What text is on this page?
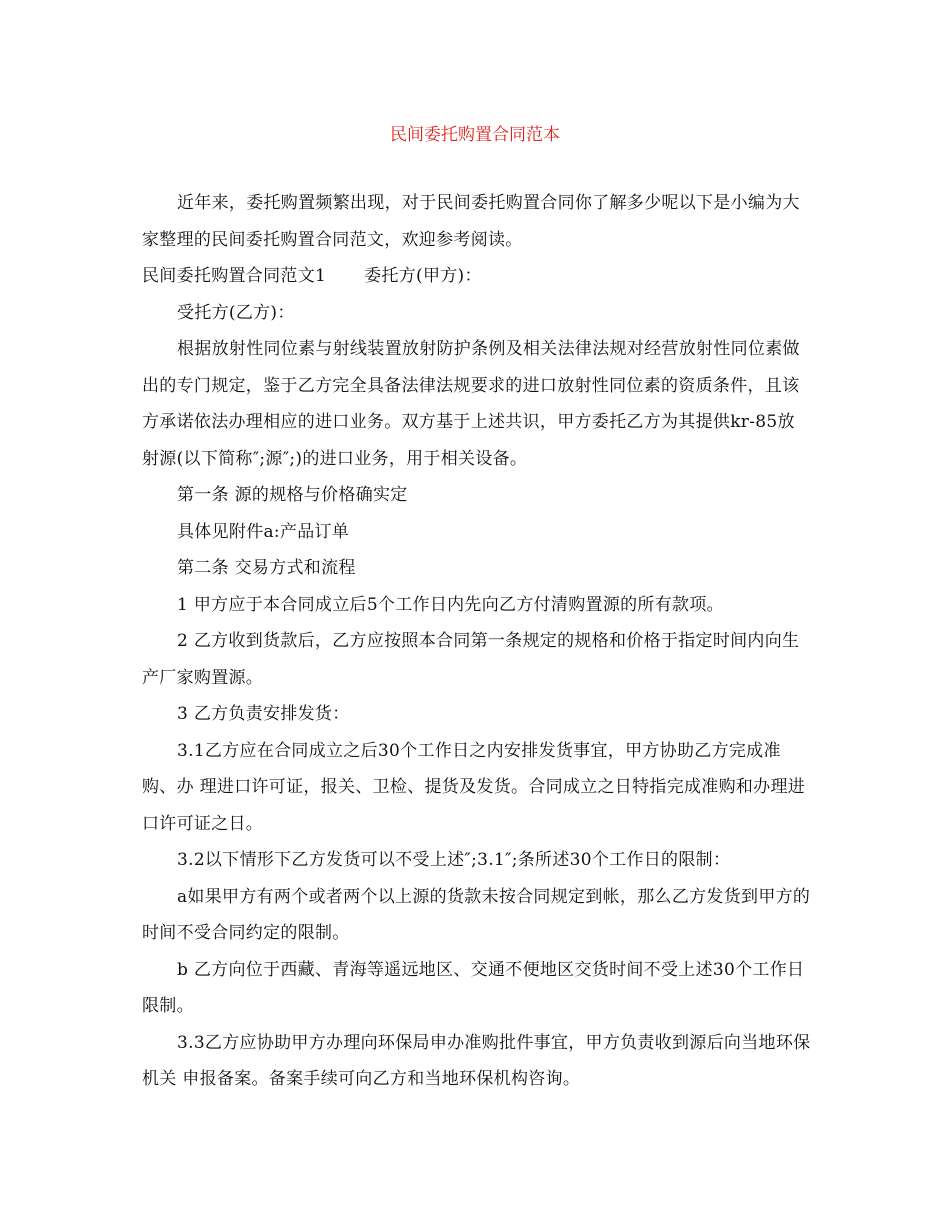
民间委托购置合同范本

近年来，委托购置频繁出现，对于民间委托购置合同你了解多少呢以下是小编为大家整理的民间委托购置合同范文，欢迎参考阅读。

民间委托购置合同范文1 委托方(甲方)：

受托方(乙方)：

根据放射性同位素与射线装置放射防护条例及相关法律法规对经营放射性同位素做出的专门规定，鉴于乙方完全具备法律法规要求的进口放射性同位素的资质条件，且该方承诺依法办理相应的进口业务。双方基于上述共识，甲方委托乙方为其提供kr-85放射源(以下简称″;源″;)的进口业务，用于相关设备。

第一条 源的规格与价格确实定

具体见附件a:产品订单

第二条 交易方式和流程

1 甲方应于本合同成立后5个工作日内先向乙方付清购置源的所有款项。

2 乙方收到货款后，乙方应按照本合同第一条规定的规格和价格于指定时间内向生产厂家购置源。

3 乙方负责安排发货：

3.1乙方应在合同成立之后30个工作日之内安排发货事宜，甲方协助乙方完成准购、办 理进口许可证，报关、卫检、提货及发货。合同成立之日特指完成准购和办理进口许可证之日。

3.2以下情形下乙方发货可以不受上述″;3.1″;条所述30个工作日的限制：

a如果甲方有两个或者两个以上源的货款未按合同规定到帐，那么乙方发货到甲方的时间不受合同约定的限制。

b 乙方向位于西藏、青海等遥远地区、交通不便地区交货时间不受上述30个工作日限制。

3.3乙方应协助甲方办理向环保局申办准购批件事宜，甲方负责收到源后向当地环保机关 申报备案。备案手续可向乙方和当地环保机构咨询。
